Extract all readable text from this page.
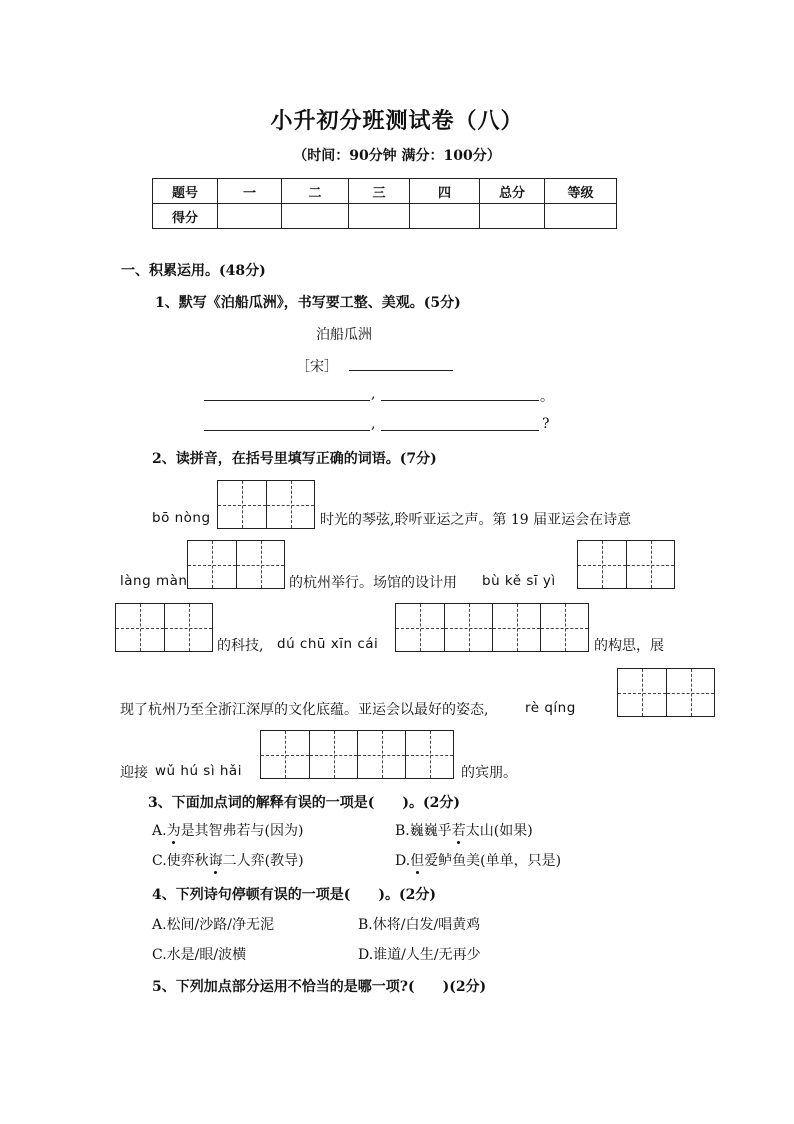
小升初分班测试卷（八）
（时间：90分钟 满分：100分）
题号	一	二	三	四	总分	等级
得分						
一、积累运用。(48分)
1、默写《泊船瓜洲》，书写要工整、美观。(5分)
泊船瓜洲
［宋］
,	。
,	?
2、读拼音，在括号里填写正确的词语。(7分)
bō nòng	时光的琴弦,聆听亚运之声。第 19 届亚运会在诗意
làng màn	的杭州举行。场馆的设计用 bù kě sī yì
的科技, dú chū xīn cái	的构思，展
现了杭州乃至全浙江深厚的文化底蕴。亚运会以最好的姿态,	rè qíng
迎接 wǔ hú sì hǎi	的宾朋。
3、下面加点词的解释有误的一项是(　　)。(2分)
A.为是其智弗若与(因为)	B.巍巍乎若太山(如果)
C.使弈秋诲二人弈(教导)	D.但爱鲈鱼美(单单，只是)
4、下列诗句停顿有误的一项是(　　)。(2分)
A.松间/沙路/净无泥	B.休将/白发/唱黄鸡
C.水是/眼/波横	D.谁道/人生/无再少
5、下列加点部分运用不恰当的是哪一项?(　　)(2分)
